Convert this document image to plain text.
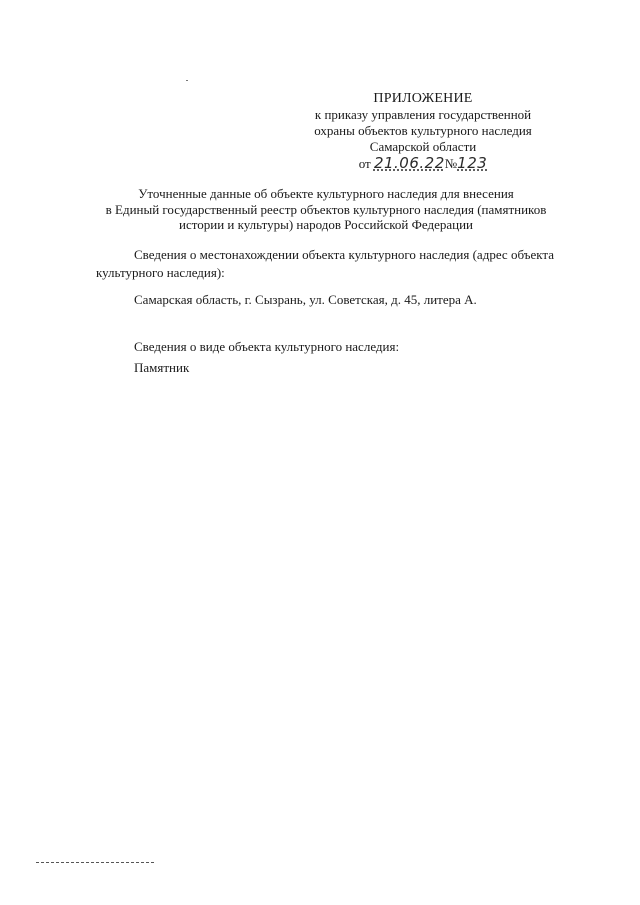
ПРИЛОЖЕНИЕ
к приказу управления государственной
охраны объектов культурного наследия
Самарской области
от 21.06.22№123
Уточненные данные об объекте культурного наследия для внесения
в Единый государственный реестр объектов культурного наследия (памятников
истории и культуры) народов Российской Федерации
Сведения о местонахождении объекта культурного наследия (адрес объекта культурного наследия):
Самарская область, г. Сызрань, ул. Советская, д. 45, литера А.
Сведения о виде объекта культурного наследия:
Памятник
